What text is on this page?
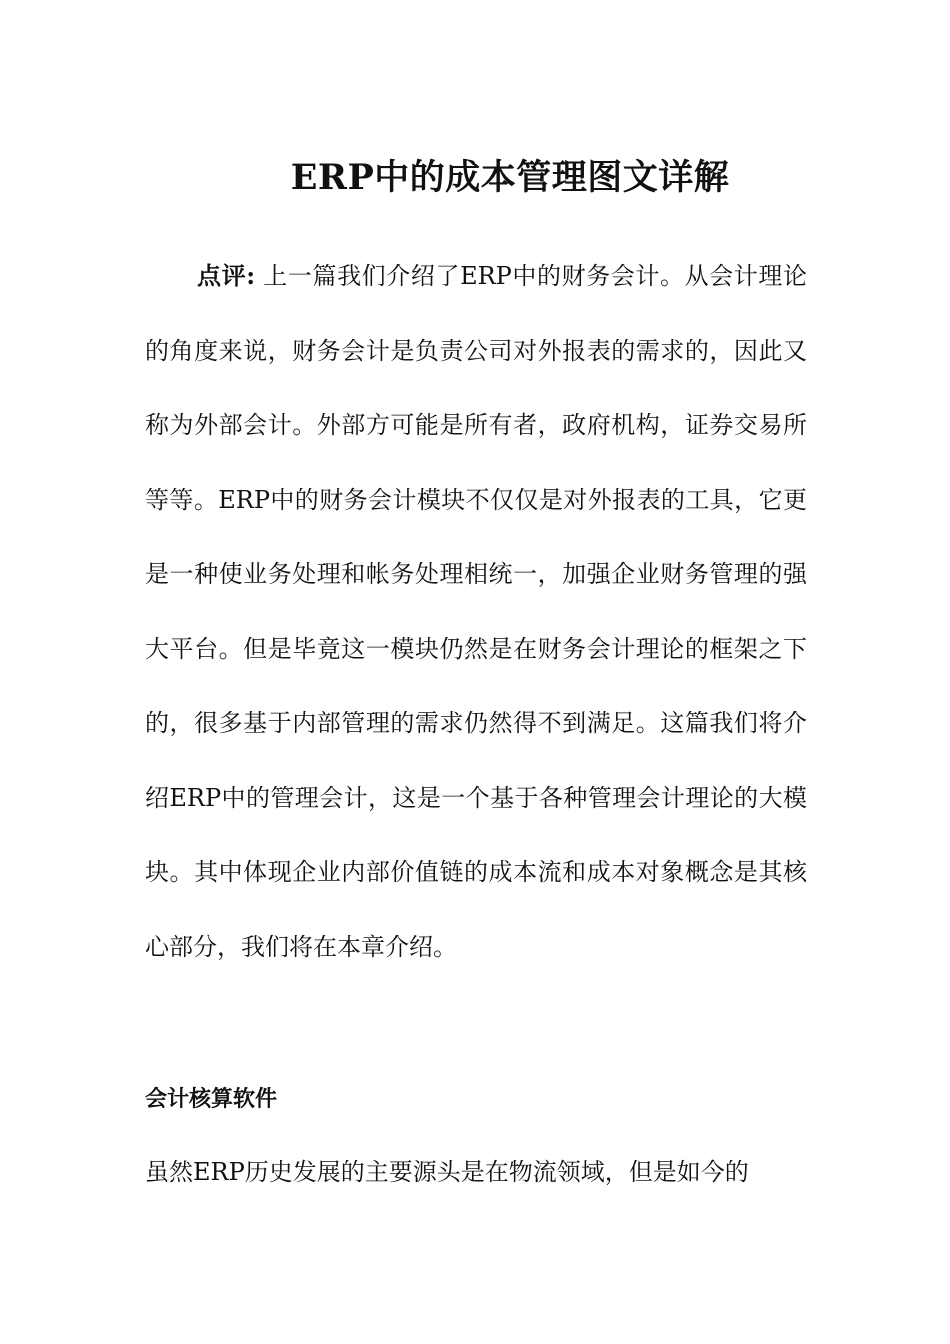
ERP中的成本管理图文详解

点评: 上一篇我们介绍了ERP中的财务会计。从会计理论的角度来说，财务会计是负责公司对外报表的需求的，因此又称为外部会计。外部方可能是所有者，政府机构，证券交易所等等。ERP中的财务会计模块不仅仅是对外报表的工具，它更是一种使业务处理和帐务处理相统一，加强企业财务管理的强大平台。但是毕竟这一模块仍然是在财务会计理论的框架之下的，很多基于内部管理的需求仍然得不到满足。这篇我们将介绍ERP中的管理会计，这是一个基于各种管理会计理论的大模块。其中体现企业内部价值链的成本流和成本对象概念是其核心部分，我们将在本章介绍。

会计核算软件

虽然ERP历史发展的主要源头是在物流领域，但是如今的
